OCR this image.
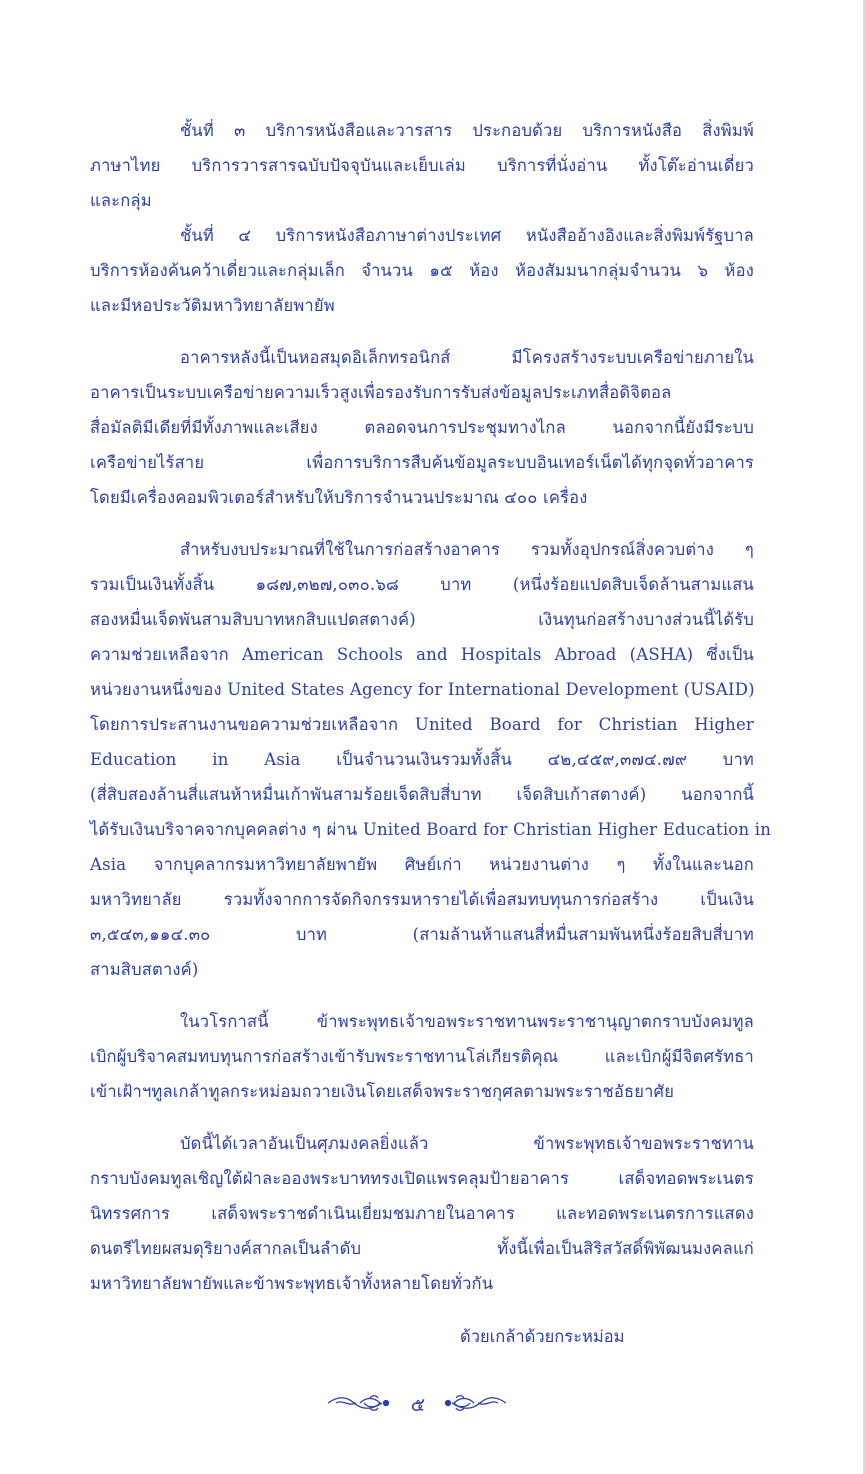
ชั้นที่ ๓ บริการหนังสือและวารสาร ประกอบด้วย บริการหนังสือ สิ่งพิมพ์
ภาษาไทย บริการวารสารฉบับปัจจุบันและเย็บเล่ม บริการที่นั่งอ่าน ทั้งโต๊ะอ่านเดี่ยว
และกลุ่ม
ชั้นที่ ๔ บริการหนังสือภาษาต่างประเทศ หนังสืออ้างอิงและสิ่งพิมพ์รัฐบาล
บริการห้องค้นคว้าเดี่ยวและกลุ่มเล็ก จำนวน ๑๕ ห้อง ห้องสัมมนากลุ่มจำนวน ๖ ห้อง
และมีหอประวัติมหาวิทยาลัยพายัพ
อาคารหลังนี้เป็นหอสมุดอิเล็กทรอนิกส์ มีโครงสร้างระบบเครือข่ายภายใน
อาคารเป็นระบบเครือข่ายความเร็วสูงเพื่อรองรับการรับส่งข้อมูลประเภทสื่อดิจิตอล
สื่อมัลติมีเดียที่มีทั้งภาพและเสียง ตลอดจนการประชุมทางไกล นอกจากนี้ยังมีระบบ
เครือข่ายไร้สาย เพื่อการบริการสืบค้นข้อมูลระบบอินเทอร์เน็ตได้ทุกจุดทั่วอาคาร
โดยมีเครื่องคอมพิวเตอร์สำหรับให้บริการจำนวนประมาณ ๔๐๐ เครื่อง
สำหรับงบประมาณที่ใช้ในการก่อสร้างอาคาร รวมทั้งอุปกรณ์สิ่งควบต่าง ๆ
รวมเป็นเงินทั้งสิ้น ๑๘๗,๓๒๗,๐๓๐.๖๘ บาท (หนึ่งร้อยแปดสิบเจ็ดล้านสามแสน
สองหมื่นเจ็ดพันสามสิบบาทหกสิบแปดสตางค์) เงินทุนก่อสร้างบางส่วนนี้ได้รับ
ความช่วยเหลือจาก American Schools and Hospitals Abroad (ASHA) ซึ่งเป็น
หน่วยงานหนึ่งของ United States Agency for International Development (USAID)
โดยการประสานงานขอความช่วยเหลือจาก United Board for Christian Higher
Education in Asia เป็นจำนวนเงินรวมทั้งสิ้น ๔๒,๔๕๙,๓๗๔.๗๙ บาท
(สี่สิบสองล้านสี่แสนห้าหมื่นเก้าพันสามร้อยเจ็ดสิบสี่บาท เจ็ดสิบเก้าสตางค์) นอกจากนี้
ได้รับเงินบริจาคจากบุคคลต่าง ๆ ผ่าน United Board for Christian Higher Education in
Asia จากบุคลากรมหาวิทยาลัยพายัพ ศิษย์เก่า หน่วยงานต่าง ๆ ทั้งในและนอก
มหาวิทยาลัย รวมทั้งจากการจัดกิจกรรมหารายได้เพื่อสมทบทุนการก่อสร้าง เป็นเงิน
๓,๕๔๓,๑๑๔.๓๐ บาท (สามล้านห้าแสนสี่หมื่นสามพันหนึ่งร้อยสิบสี่บาท
สามสิบสตางค์)
ในวโรกาสนี้ ข้าพระพุทธเจ้าขอพระราชทานพระราชานุญาตกราบบังคมทูล
เบิกผู้บริจาคสมทบทุนการก่อสร้างเข้ารับพระราชทานโล่เกียรติคุณ และเบิกผู้มีจิตศรัทธา
เข้าเฝ้าฯทูลเกล้าทูลกระหม่อมถวายเงินโดยเสด็จพระราชกุศลตามพระราชอัธยาศัย
บัดนี้ได้เวลาอันเป็นศุภมงคลยิ่งแล้ว ข้าพระพุทธเจ้าขอพระราชทาน
กราบบังคมทูลเชิญใต้ฝ่าละอองพระบาททรงเปิดแพรคลุมป้ายอาคาร เสด็จทอดพระเนตร
นิทรรศการ เสด็จพระราชดำเนินเยี่ยมชมภายในอาคาร และทอดพระเนตรการแสดง
ดนตรีไทยผสมดุริยางค์สากลเป็นลำดับ ทั้งนี้เพื่อเป็นสิริสวัสดิ์พิพัฒนมงคลแก่
มหาวิทยาลัยพายัพและข้าพระพุทธเจ้าทั้งหลายโดยทั่วกัน
ด้วยเกล้าด้วยกระหม่อม
๕
